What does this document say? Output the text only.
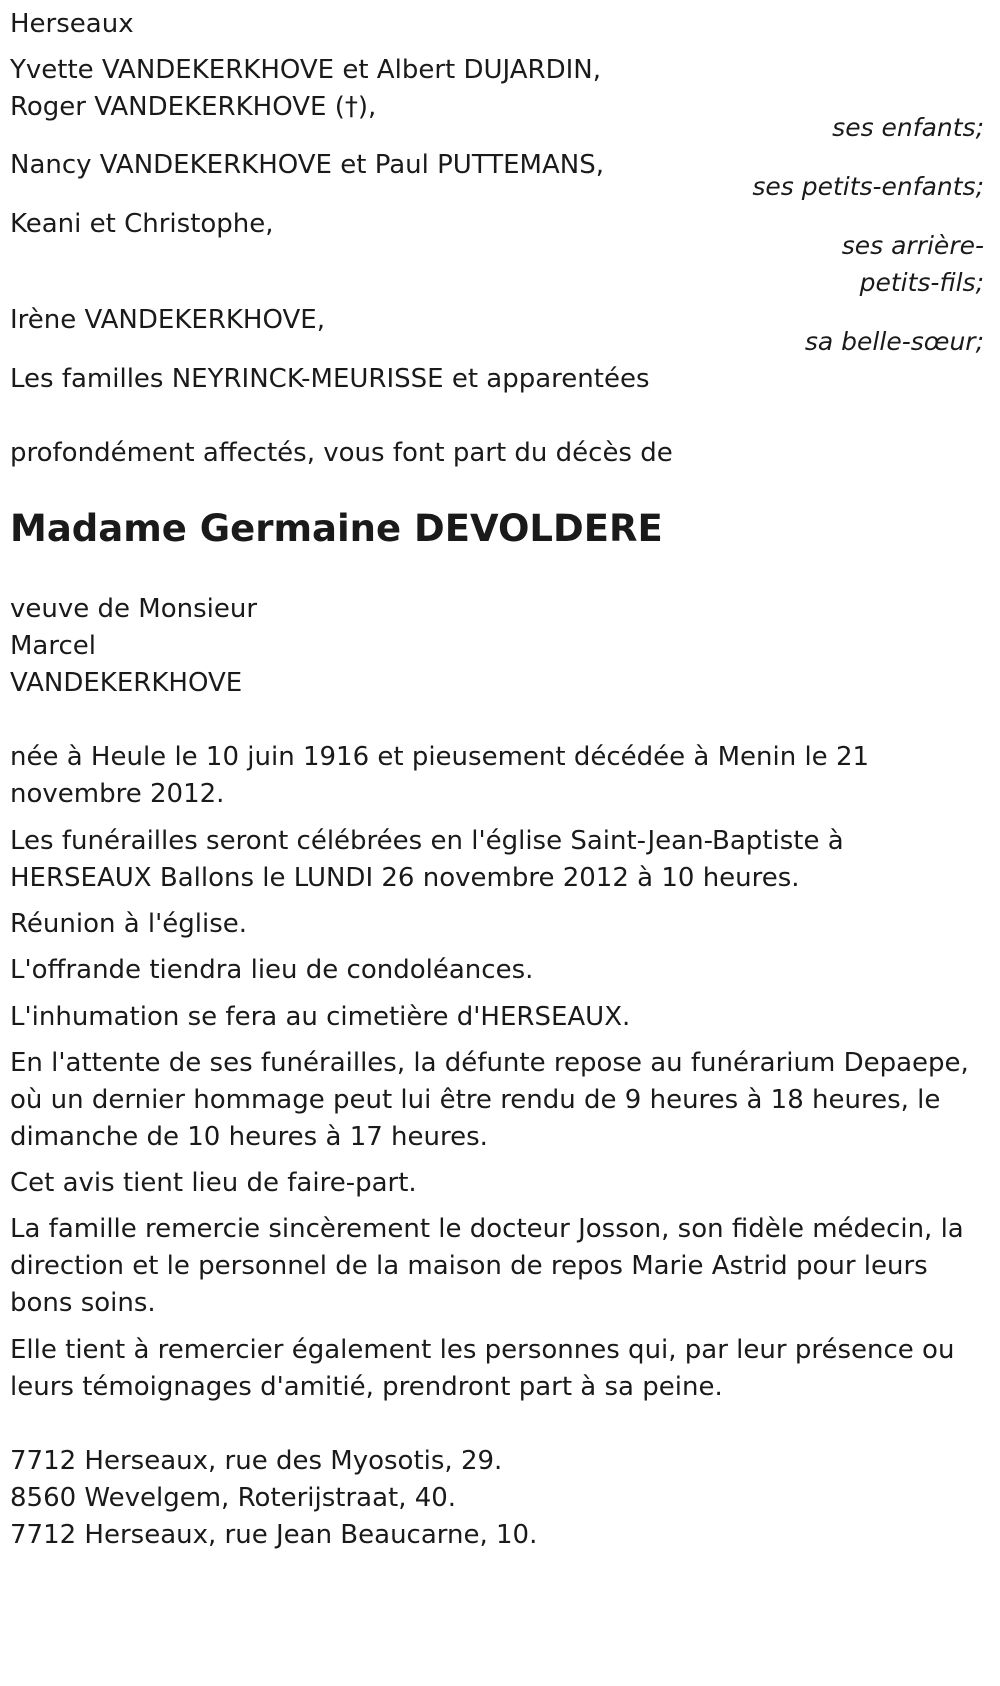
Herseaux
Yvette VANDEKERKHOVE et Albert DUJARDIN,
Roger VANDEKERKHOVE (†),
ses enfants;
Nancy VANDEKERKHOVE et Paul PUTTEMANS,
ses petits-enfants;
Keani et Christophe,
ses arrière-
petits-fils;
Irène VANDEKERKHOVE,
sa belle-sœur;
Les familles NEYRINCK-MEURISSE et apparentées
profondément affectés, vous font part du décès de
Madame Germaine DEVOLDERE
veuve de Monsieur
Marcel
VANDEKERKHOVE
née à Heule le 10 juin 1916 et pieusement décédée à Menin le 21
novembre 2012.
Les funérailles seront célébrées en l'église Saint-Jean-Baptiste à
HERSEAUX Ballons le LUNDI 26 novembre 2012 à 10 heures.
Réunion à l'église.
L'offrande tiendra lieu de condoléances.
L'inhumation se fera au cimetière d'HERSEAUX.
En l'attente de ses funérailles, la défunte repose au funérarium Depaepe,
où un dernier hommage peut lui être rendu de 9 heures à 18 heures, le
dimanche de 10 heures à 17 heures.
Cet avis tient lieu de faire-part.
La famille remercie sincèrement le docteur Josson, son fidèle médecin, la
direction et le personnel de la maison de repos Marie Astrid pour leurs
bons soins.
Elle tient à remercier également les personnes qui, par leur présence ou
leurs témoignages d'amitié, prendront part à sa peine.
7712 Herseaux, rue des Myosotis, 29.
8560 Wevelgem, Roterijstraat, 40.
7712 Herseaux, rue Jean Beaucarne, 10.
